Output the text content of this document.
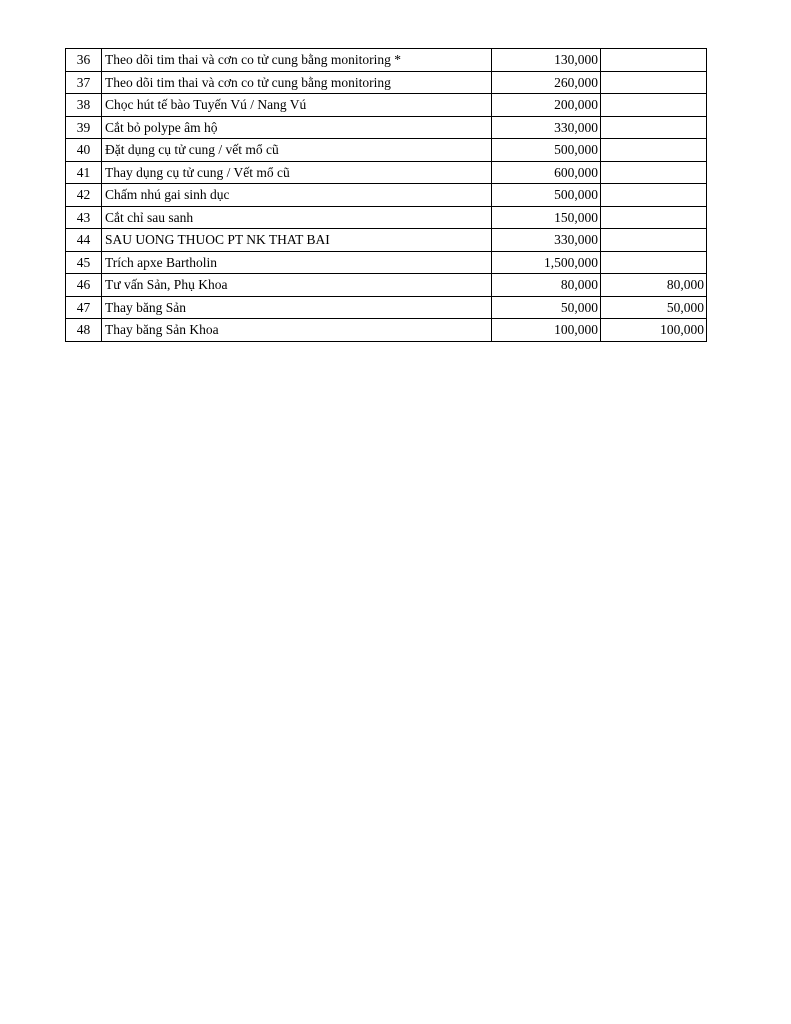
36	Theo dõi tim thai và cơn co tử cung bằng monitoring *	130,000	
37	Theo dõi tim thai và cơn co tử cung bằng monitoring	260,000	
38	Chọc hút tế bào Tuyến Vú / Nang Vú	200,000	
39	Cắt bỏ polype âm hộ	330,000	
40	Đặt dụng cụ tử cung / vết mổ cũ	500,000	
41	Thay dụng cụ tử cung / Vết mổ cũ	600,000	
42	Chấm nhú gai sinh dục	500,000	
43	Cắt chỉ sau sanh	150,000	
44	SAU UONG THUOC PT NK THAT BAI	330,000	
45	Trích apxe Bartholin	1,500,000	
46	Tư vấn Sản, Phụ Khoa	80,000	80,000
47	Thay băng Sản	50,000	50,000
48	Thay băng Sản Khoa	100,000	100,000
